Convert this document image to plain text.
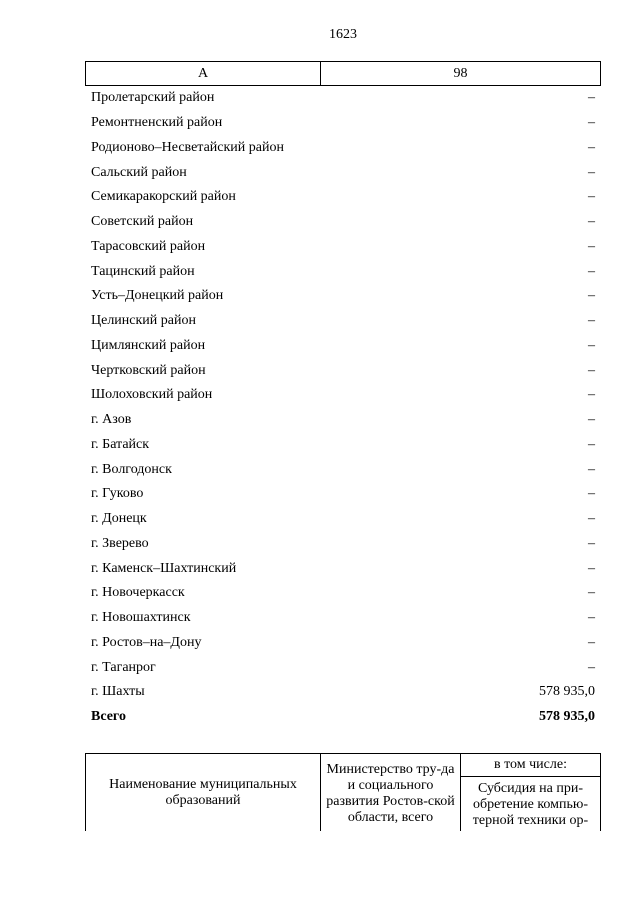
1623
А	98
Пролетарский район	–
Ремонтненский район	–
Родионово–Несветайский район	–
Сальский район	–
Семикаракорский район	–
Советский район	–
Тарасовский район	–
Тацинский район	–
Усть–Донецкий район	–
Целинский район	–
Цимлянский район	–
Чертковский район	–
Шолоховский район	–
г. Азов	–
г. Батайск	–
г. Волгодонск	–
г. Гуково	–
г. Донецк	–
г. Зверево	–
г. Каменск–Шахтинский	–
г. Новочеркасск	–
г. Новошахтинск	–
г. Ростов–на–Дону	–
г. Таганрог	–
г. Шахты	578 935,0
Всего	578 935,0
Наименование муниципальных образований	Министерство тру-да и социального развития Ростов-ской области, всего	в том числе:
Субсидия на при-обретение компью-терной техники ор-
